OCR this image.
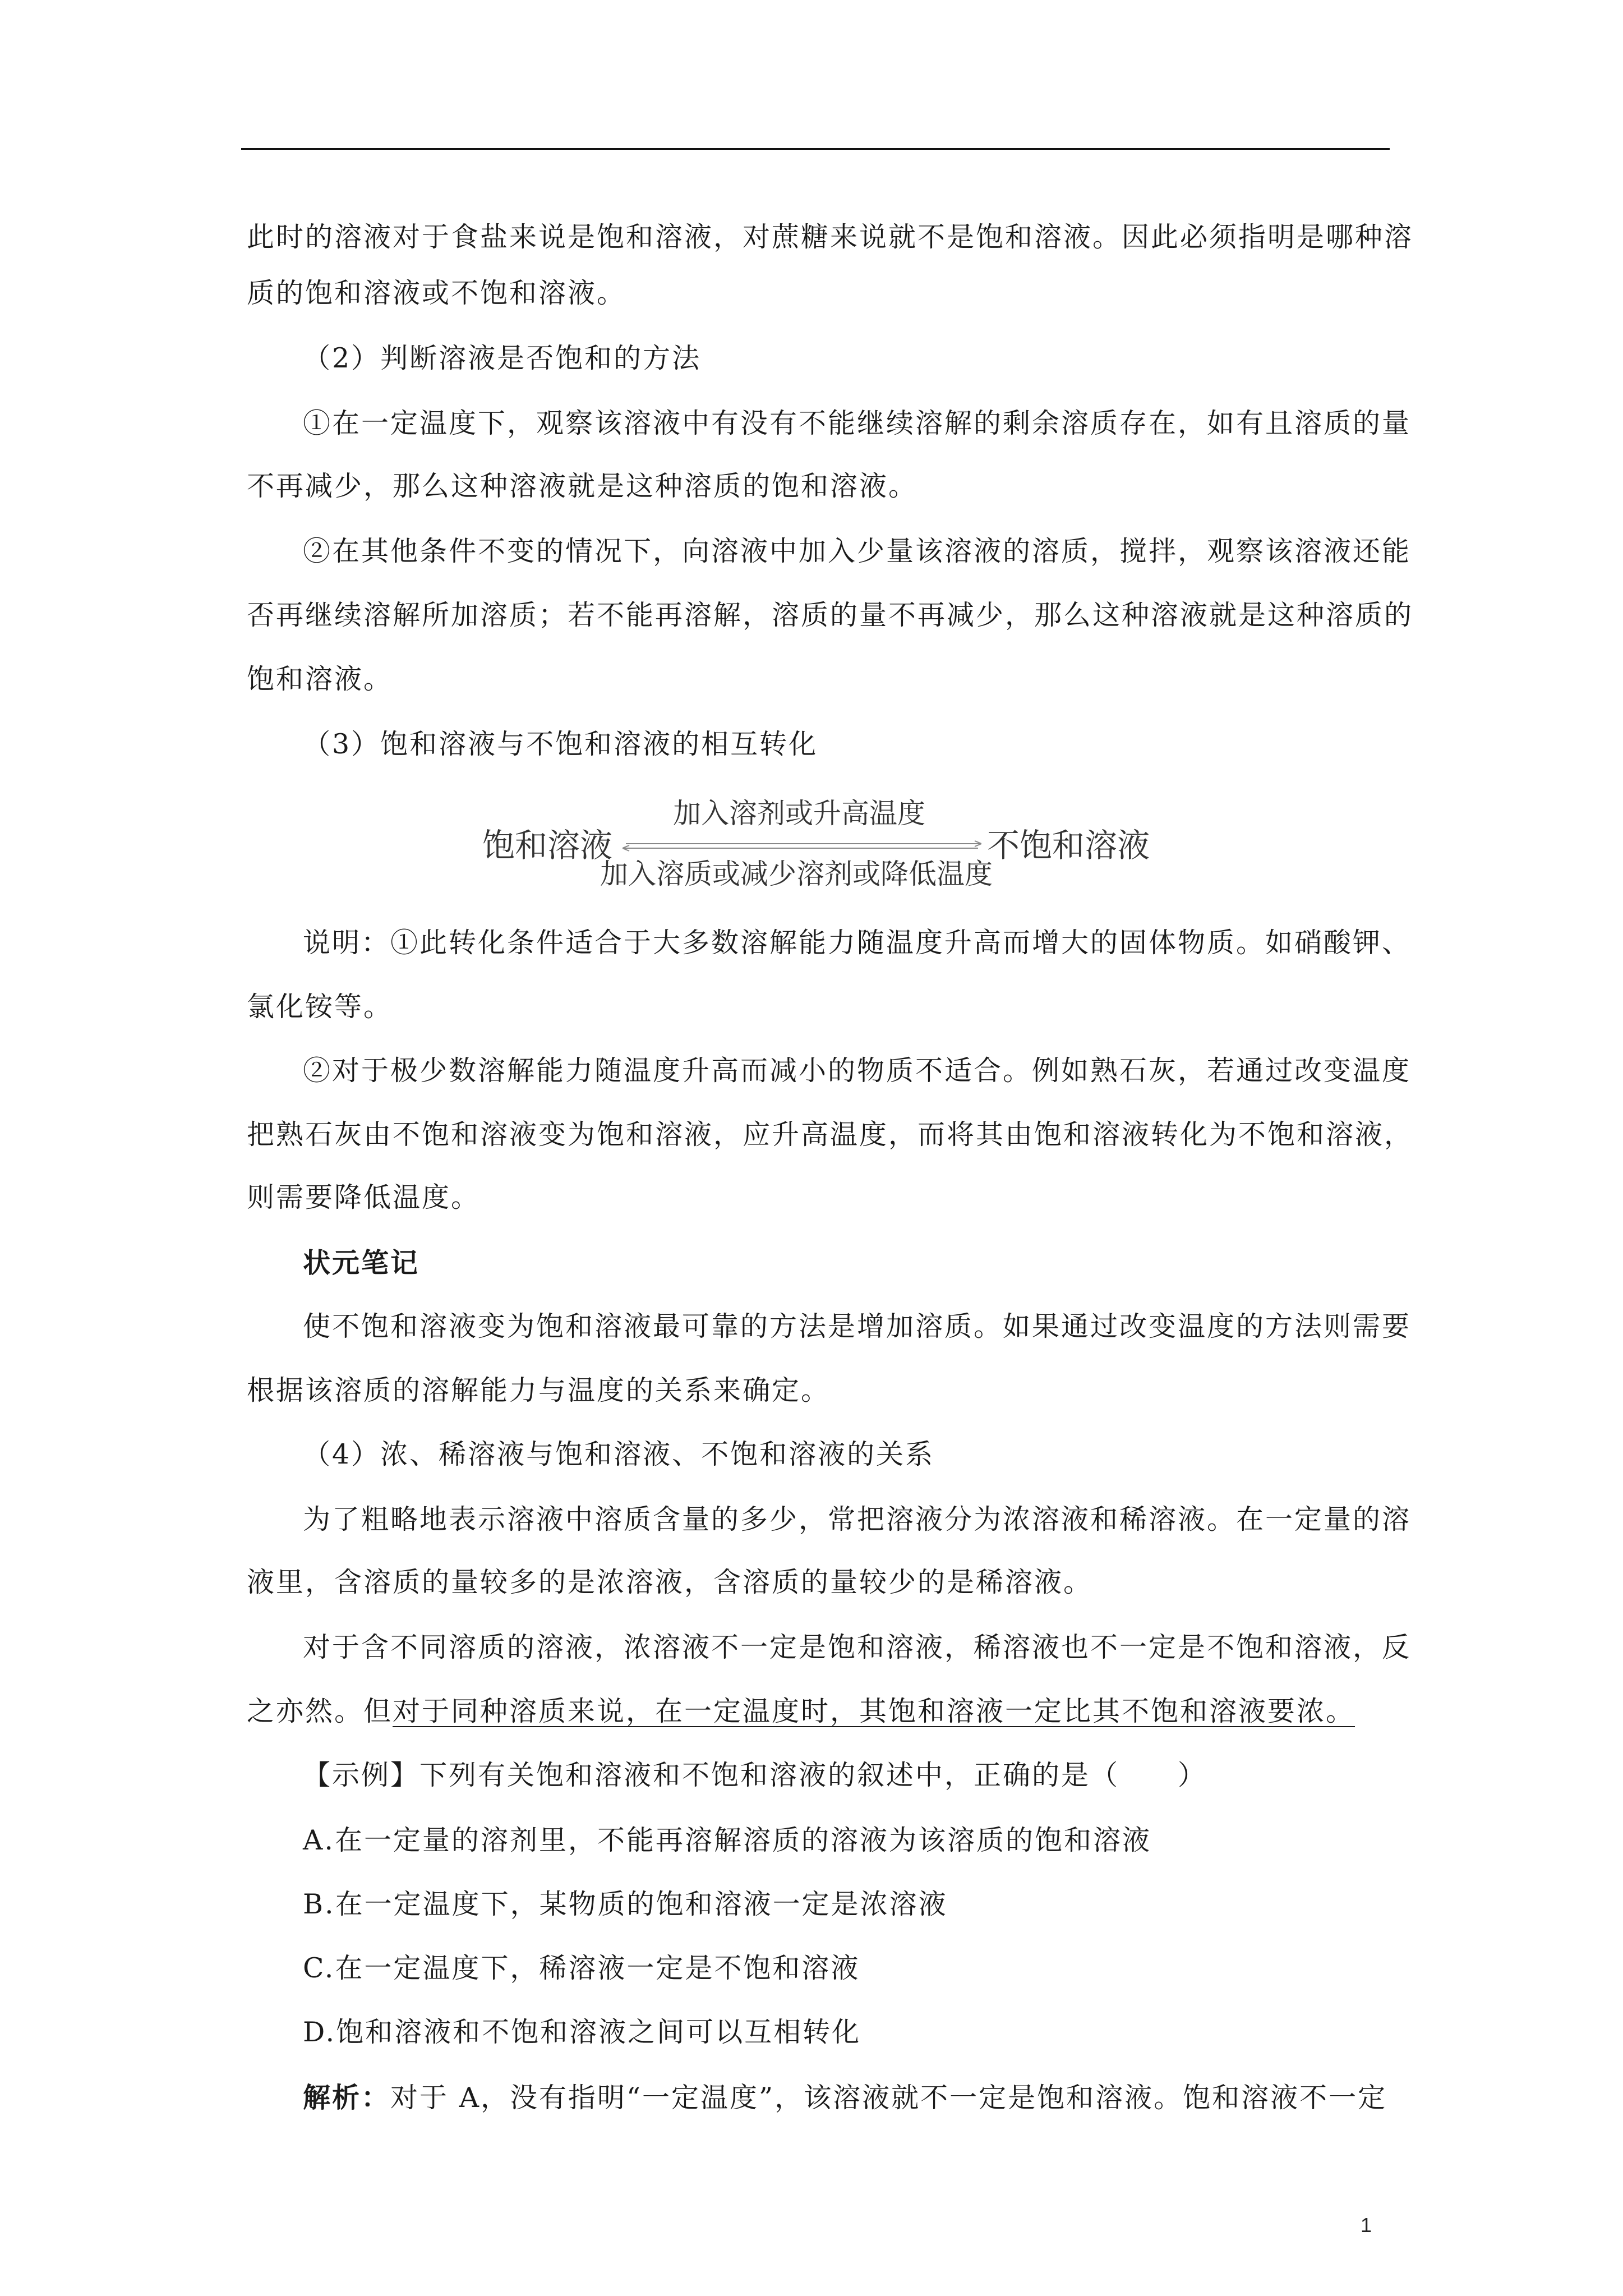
此时的溶液对于食盐来说是饱和溶液，对蔗糖来说就不是饱和溶液。因此必须指明是哪种溶
质的饱和溶液或不饱和溶液。
（2）判断溶液是否饱和的方法
①在一定温度下，观察该溶液中有没有不能继续溶解的剩余溶质存在，如有且溶质的量
不再减少，那么这种溶液就是这种溶质的饱和溶液。
②在其他条件不变的情况下，向溶液中加入少量该溶液的溶质，搅拌，观察该溶液还能
否再继续溶解所加溶质；若不能再溶解，溶质的量不再减少，那么这种溶液就是这种溶质的
饱和溶液。
（3）饱和溶液与不饱和溶液的相互转化
加入溶剂或升高温度
饱和溶液	不饱和溶液
加入溶质或减少溶剂或降低温度
说明：①此转化条件适合于大多数溶解能力随温度升高而增大的固体物质。如硝酸钾、
氯化铵等。
②对于极少数溶解能力随温度升高而减小的物质不适合。例如熟石灰，若通过改变温度
把熟石灰由不饱和溶液变为饱和溶液，应升高温度，而将其由饱和溶液转化为不饱和溶液，
则需要降低温度。
状元笔记
使不饱和溶液变为饱和溶液最可靠的方法是增加溶质。如果通过改变温度的方法则需要
根据该溶质的溶解能力与温度的关系来确定。
（4）浓、稀溶液与饱和溶液、不饱和溶液的关系
为了粗略地表示溶液中溶质含量的多少，常把溶液分为浓溶液和稀溶液。在一定量的溶
液里，含溶质的量较多的是浓溶液，含溶质的量较少的是稀溶液。
对于含不同溶质的溶液，浓溶液不一定是饱和溶液，稀溶液也不一定是不饱和溶液，反
之亦然。但对于同种溶质来说，在一定温度时，其饱和溶液一定比其不饱和溶液要浓。
【示例】下列有关饱和溶液和不饱和溶液的叙述中，正确的是（　　）
A.在一定量的溶剂里，不能再溶解溶质的溶液为该溶质的饱和溶液
B.在一定温度下，某物质的饱和溶液一定是浓溶液
C.在一定温度下，稀溶液一定是不饱和溶液
D.饱和溶液和不饱和溶液之间可以互相转化
解析：对于 A，没有指明“一定温度”，该溶液就不一定是饱和溶液。饱和溶液不一定
1
